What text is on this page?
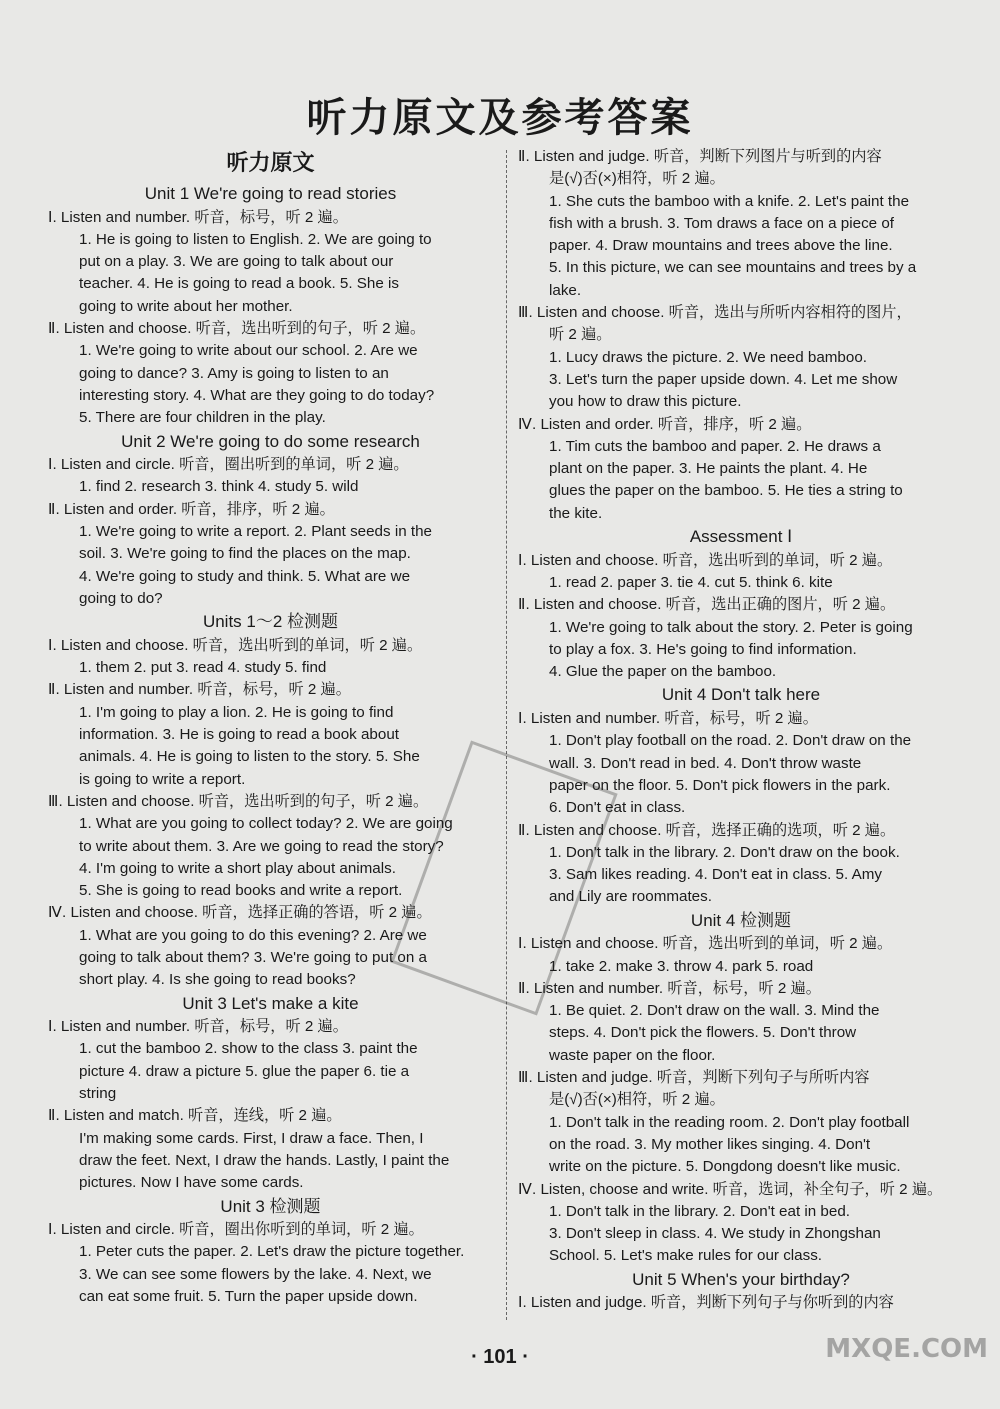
听力原文及参考答案
听力原文
Unit 1 We're going to read stories
Ⅰ. Listen and number. 听音，标号，听 2 遍。
1. He is going to listen to English. 2. We are going to
put on a play. 3. We are going to talk about our
teacher. 4. He is going to read a book. 5. She is
going to write about her mother.
Ⅱ. Listen and choose. 听音，选出听到的句子，听 2 遍。
1. We're going to write about our school. 2. Are we
going to dance? 3. Amy is going to listen to an
interesting story. 4. What are they going to do today?
5. There are four children in the play.
Unit 2 We're going to do some research
Ⅰ. Listen and circle. 听音，圈出听到的单词，听 2 遍。
1. find 2. research 3. think 4. study 5. wild
Ⅱ. Listen and order. 听音，排序，听 2 遍。
1. We're going to write a report. 2. Plant seeds in the
soil. 3. We're going to find the places on the map.
4. We're going to study and think. 5. What are we
going to do?
Units 1～2 检测题
Ⅰ. Listen and choose. 听音，选出听到的单词，听 2 遍。
1. them 2. put 3. read 4. study 5. find
Ⅱ. Listen and number. 听音，标号，听 2 遍。
1. I'm going to play a lion. 2. He is going to find
information. 3. He is going to read a book about
animals. 4. He is going to listen to the story. 5. She
is going to write a report.
Ⅲ. Listen and choose. 听音，选出听到的句子，听 2 遍。
1. What are you going to collect today? 2. We are going
to write about them. 3. Are we going to read the story?
4. I'm going to write a short play about animals.
5. She is going to read books and write a report.
Ⅳ. Listen and choose. 听音，选择正确的答语，听 2 遍。
1. What are you going to do this evening? 2. Are we
going to talk about them? 3. We're going to put on a
short play. 4. Is she going to read books?
Unit 3 Let's make a kite
Ⅰ. Listen and number. 听音，标号，听 2 遍。
1. cut the bamboo 2. show to the class 3. paint the
picture 4. draw a picture 5. glue the paper 6. tie a
string
Ⅱ. Listen and match. 听音，连线，听 2 遍。
I'm making some cards. First, I draw a face. Then, I
draw the feet. Next, I draw the hands. Lastly, I paint the
pictures. Now I have some cards.
Unit 3 检测题
Ⅰ. Listen and circle. 听音，圈出你听到的单词，听 2 遍。
1. Peter cuts the paper. 2. Let's draw the picture together.
3. We can see some flowers by the lake. 4. Next, we
can eat some fruit. 5. Turn the paper upside down.
Ⅱ. Listen and judge. 听音，判断下列图片与听到的内容
是(√)否(×)相符，听 2 遍。
1. She cuts the bamboo with a knife. 2. Let's paint the
fish with a brush. 3. Tom draws a face on a piece of
paper. 4. Draw mountains and trees above the line.
5. In this picture, we can see mountains and trees by a
lake.
Ⅲ. Listen and choose. 听音，选出与所听内容相符的图片，
听 2 遍。
1. Lucy draws the picture. 2. We need bamboo.
3. Let's turn the paper upside down. 4. Let me show
you how to draw this picture.
Ⅳ. Listen and order. 听音，排序，听 2 遍。
1. Tim cuts the bamboo and paper. 2. He draws a
plant on the paper. 3. He paints the plant. 4. He
glues the paper on the bamboo. 5. He ties a string to
the kite.
Assessment Ⅰ
Ⅰ. Listen and choose. 听音，选出听到的单词，听 2 遍。
1. read 2. paper 3. tie 4. cut 5. think 6. kite
Ⅱ. Listen and choose. 听音，选出正确的图片，听 2 遍。
1. We're going to talk about the story. 2. Peter is going
to play a fox. 3. He's going to find information.
4. Glue the paper on the bamboo.
Unit 4 Don't talk here
Ⅰ. Listen and number. 听音，标号，听 2 遍。
1. Don't play football on the road. 2. Don't draw on the
wall. 3. Don't read in bed. 4. Don't throw waste
paper on the floor. 5. Don't pick flowers in the park.
6. Don't eat in class.
Ⅱ. Listen and choose. 听音，选择正确的选项，听 2 遍。
1. Don't talk in the library. 2. Don't draw on the book.
3. Sam likes reading. 4. Don't eat in class. 5. Amy
and Lily are roommates.
Unit 4 检测题
Ⅰ. Listen and choose. 听音，选出听到的单词，听 2 遍。
1. take 2. make 3. throw 4. park 5. road
Ⅱ. Listen and number. 听音，标号，听 2 遍。
1. Be quiet. 2. Don't draw on the wall. 3. Mind the
steps. 4. Don't pick the flowers. 5. Don't throw
waste paper on the floor.
Ⅲ. Listen and judge. 听音，判断下列句子与所听内容
是(√)否(×)相符，听 2 遍。
1. Don't talk in the reading room. 2. Don't play football
on the road. 3. My mother likes singing. 4. Don't
write on the picture. 5. Dongdong doesn't like music.
Ⅳ. Listen, choose and write. 听音，选词，补全句子，听 2 遍。
1. Don't talk in the library. 2. Don't eat in bed.
3. Don't sleep in class. 4. We study in Zhongshan
School. 5. Let's make rules for our class.
Unit 5 When's your birthday?
Ⅰ. Listen and judge. 听音，判断下列句子与你听到的内容
· 101 ·	MXQE.COM
